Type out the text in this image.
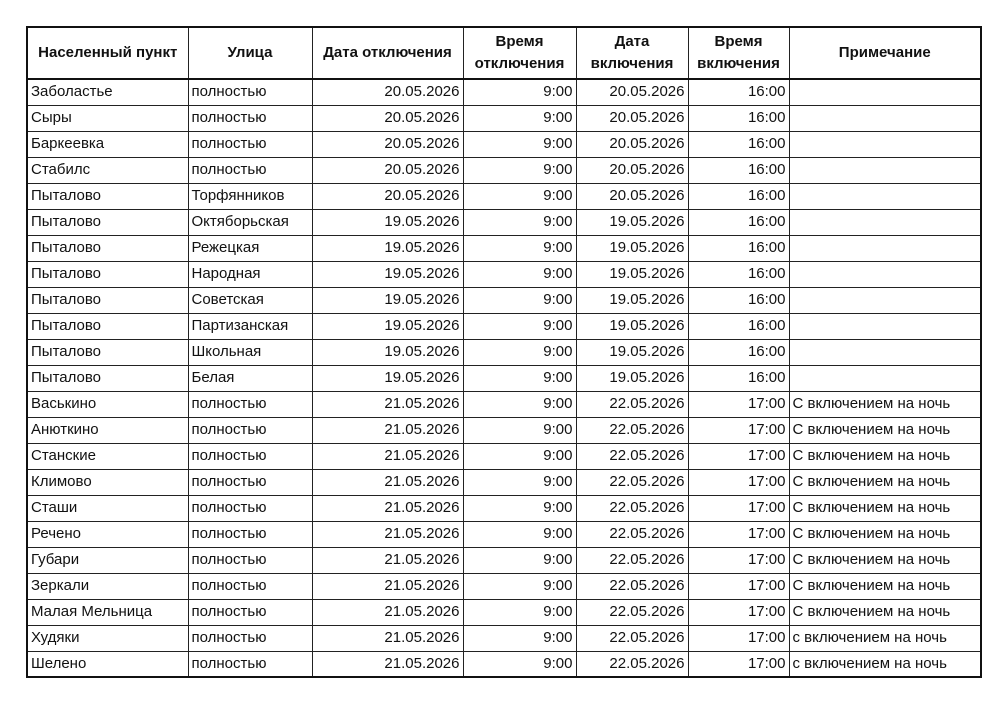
Населенный пункт	Улица	Дата отключения	Время отключения	Дата включения	Время включения	Примечание
Заболастье	полностью	20.05.2026	9:00	20.05.2026	16:00	
Сыры	полностью	20.05.2026	9:00	20.05.2026	16:00	
Баркеевка	полностью	20.05.2026	9:00	20.05.2026	16:00	
Стабилс	полностью	20.05.2026	9:00	20.05.2026	16:00	
Пыталово	Торфянников	20.05.2026	9:00	20.05.2026	16:00	
Пыталово	Октяборьская	19.05.2026	9:00	19.05.2026	16:00	
Пыталово	Режецкая	19.05.2026	9:00	19.05.2026	16:00	
Пыталово	Народная	19.05.2026	9:00	19.05.2026	16:00	
Пыталово	Советская	19.05.2026	9:00	19.05.2026	16:00	
Пыталово	Партизанская	19.05.2026	9:00	19.05.2026	16:00	
Пыталово	Школьная	19.05.2026	9:00	19.05.2026	16:00	
Пыталово	Белая	19.05.2026	9:00	19.05.2026	16:00	
Васькино	полностью	21.05.2026	9:00	22.05.2026	17:00	С включением на ночь
Анюткино	полностью	21.05.2026	9:00	22.05.2026	17:00	С включением на ночь
Станские	полностью	21.05.2026	9:00	22.05.2026	17:00	С включением на ночь
Климово	полностью	21.05.2026	9:00	22.05.2026	17:00	С включением на ночь
Сташи	полностью	21.05.2026	9:00	22.05.2026	17:00	С включением на ночь
Речено	полностью	21.05.2026	9:00	22.05.2026	17:00	С включением на ночь
Губари	полностью	21.05.2026	9:00	22.05.2026	17:00	С включением на ночь
Зеркали	полностью	21.05.2026	9:00	22.05.2026	17:00	С включением на ночь
Малая Мельница	полностью	21.05.2026	9:00	22.05.2026	17:00	С включением на ночь
Худяки	полностью	21.05.2026	9:00	22.05.2026	17:00	с включением на ночь
Шелено	полностью	21.05.2026	9:00	22.05.2026	17:00	с включением на ночь
